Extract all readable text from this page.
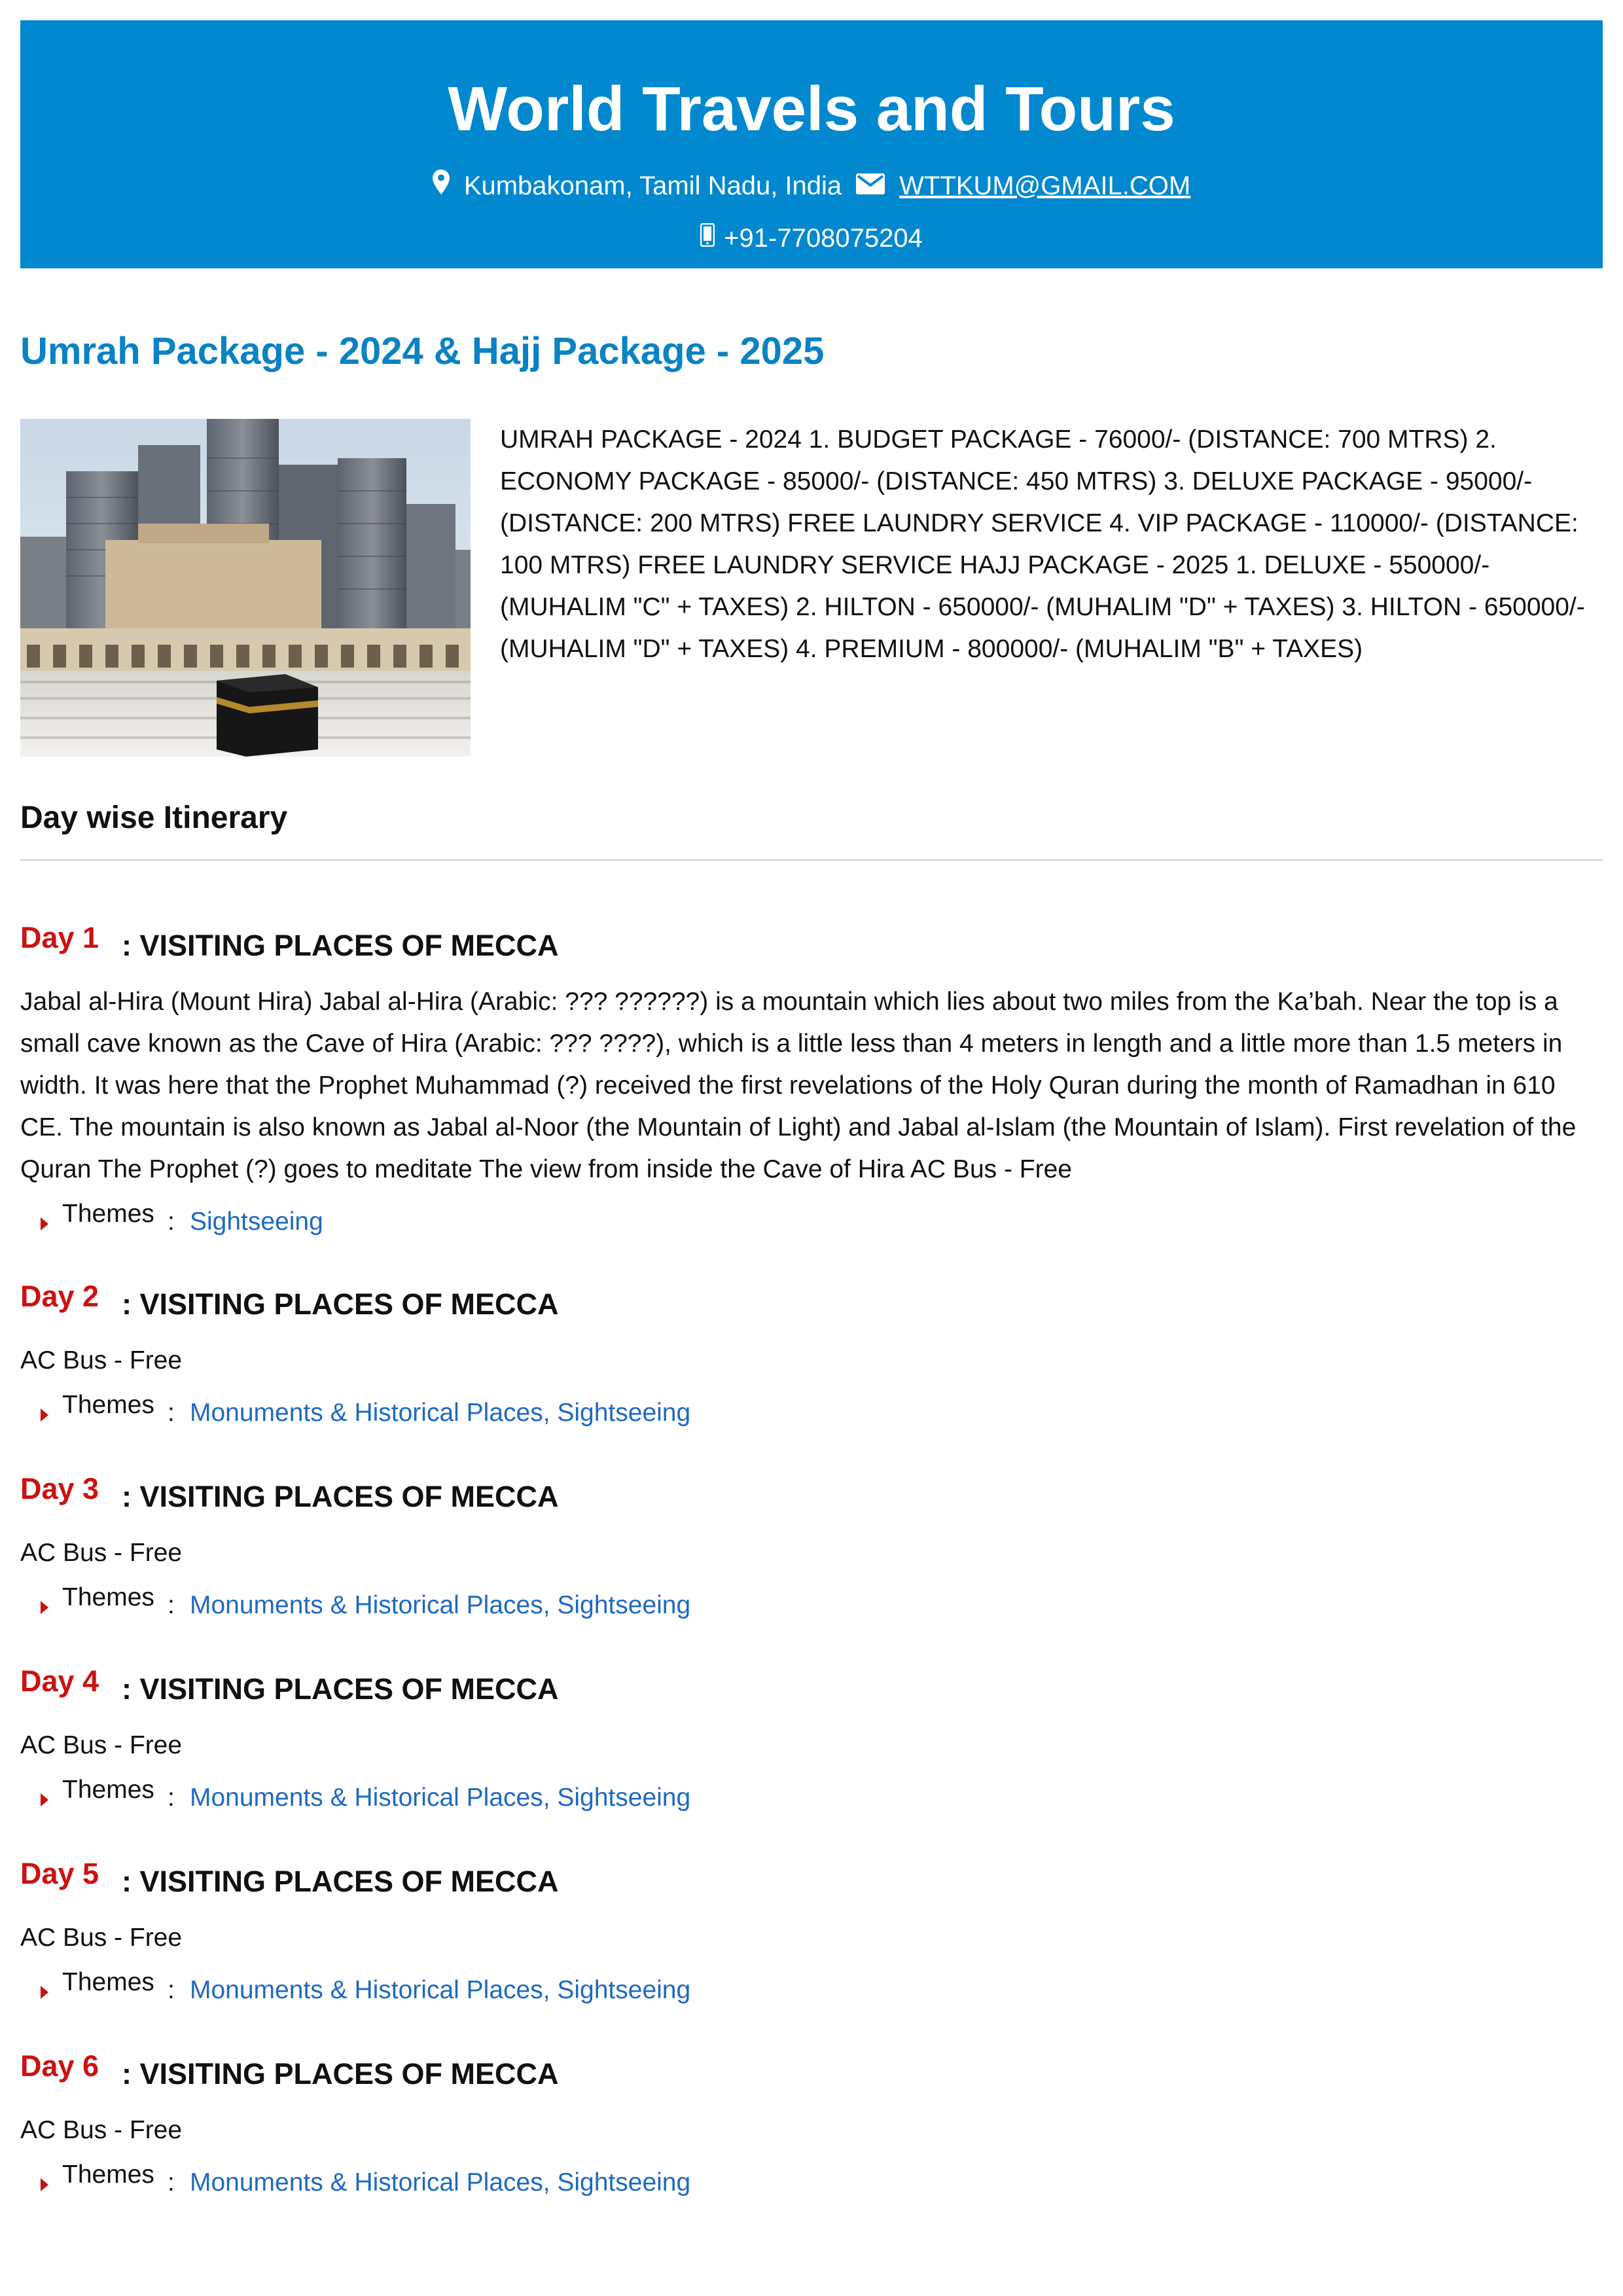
World Travels and Tours
Kumbakonam, Tamil Nadu, India WTTKUM@GMAIL.COM
+91-7708075204
Umrah Package - 2024 & Hajj Package - 2025
UMRAH PACKAGE - 2024 1. BUDGET PACKAGE - 76000/- (DISTANCE: 700 MTRS) 2. ECONOMY PACKAGE - 85000/- (DISTANCE: 450 MTRS) 3. DELUXE PACKAGE - 95000/- (DISTANCE: 200 MTRS) FREE LAUNDRY SERVICE 4. VIP PACKAGE - 110000/- (DISTANCE: 100 MTRS) FREE LAUNDRY SERVICE HAJJ PACKAGE - 2025 1. DELUXE - 550000/- (MUHALIM "C" + TAXES) 2. HILTON - 650000/- (MUHALIM "D" + TAXES) 3. HILTON - 650000/- (MUHALIM "D" + TAXES) 4. PREMIUM - 800000/- (MUHALIM "B" + TAXES)
Day wise Itinerary
Day 1 : VISITING PLACES OF MECCA
Jabal al-Hira (Mount Hira) Jabal al-Hira (Arabic: ??? ??????) is a mountain which lies about two miles from the Ka’bah. Near the top is a small cave known as the Cave of Hira (Arabic: ??? ????), which is a little less than 4 meters in length and a little more than 1.5 meters in width. It was here that the Prophet Muhammad (?) received the first revelations of the Holy Quran during the month of Ramadhan in 610 CE. The mountain is also known as Jabal al-Noor (the Mountain of Light) and Jabal al-Islam (the Mountain of Islam). First revelation of the Quran The Prophet (?) goes to meditate The view from inside the Cave of Hira AC Bus - Free
Themes : Sightseeing
Day 2 : VISITING PLACES OF MECCA
AC Bus - Free
Themes : Monuments & Historical Places, Sightseeing
Day 3 : VISITING PLACES OF MECCA
AC Bus - Free
Themes : Monuments & Historical Places, Sightseeing
Day 4 : VISITING PLACES OF MECCA
AC Bus - Free
Themes : Monuments & Historical Places, Sightseeing
Day 5 : VISITING PLACES OF MECCA
AC Bus - Free
Themes : Monuments & Historical Places, Sightseeing
Day 6 : VISITING PLACES OF MECCA
AC Bus - Free
Themes : Monuments & Historical Places, Sightseeing
